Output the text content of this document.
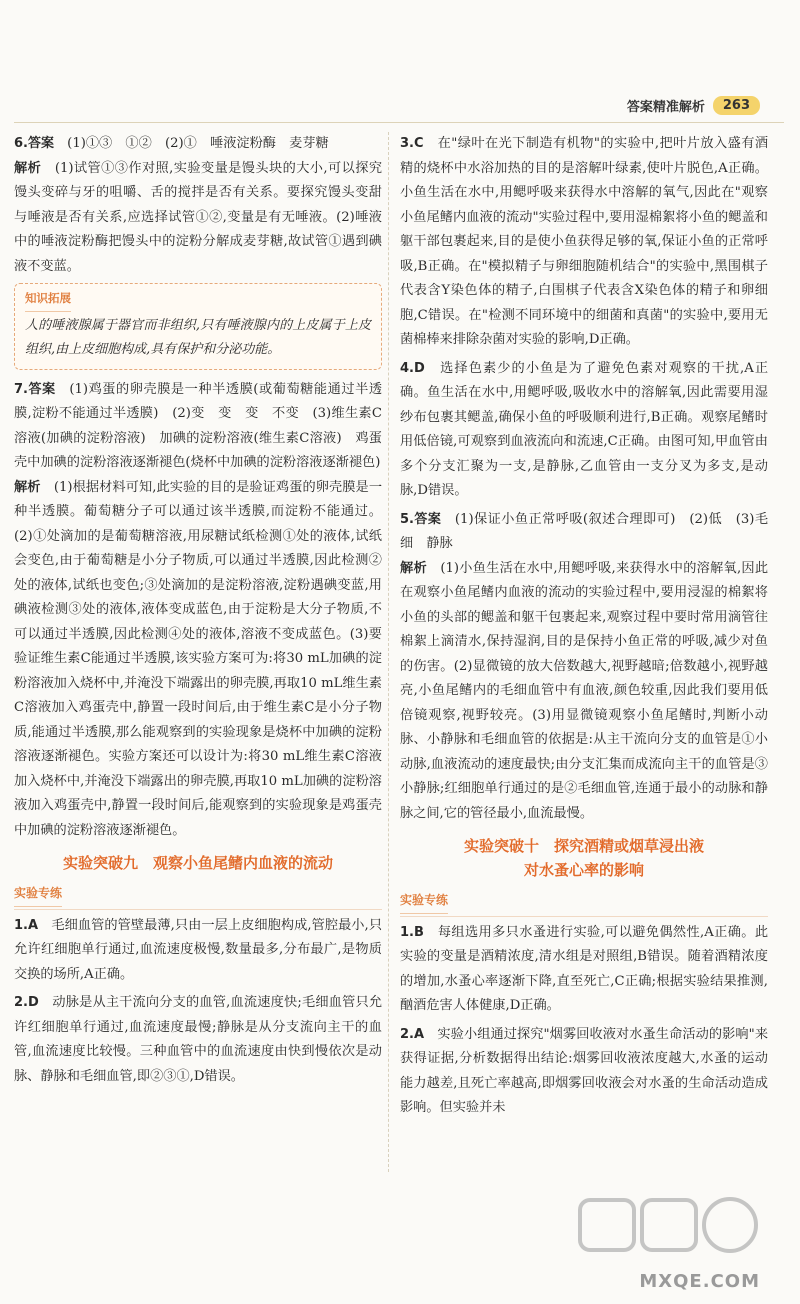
答案精准解析	263

6.答案　 (1)①③　①②　(2)①　唾液淀粉酶　麦芽糖

解析　 (1)试管①③作对照,实验变量是馒头块的大小,可以探究馒头变碎与牙的咀嚼、舌的搅拌是否有关系。要探究馒头变甜与唾液是否有关系,应选择试管①②,变量是有无唾液。(2)唾液中的唾液淀粉酶把馒头中的淀粉分解成麦芽糖,故试管①遇到碘液不变蓝。

知识拓展

人的唾液腺属于器官而非组织,只有唾液腺内的上皮属于上皮组织,由上皮细胞构成,具有保护和分泌功能。

7.答案　 (1)鸡蛋的卵壳膜是一种半透膜(或葡萄糖能通过半透膜,淀粉不能通过半透膜)　(2)变　变　变　不变　(3)维生素C溶液(加碘的淀粉溶液)　加碘的淀粉溶液(维生素C溶液)　鸡蛋壳中加碘的淀粉溶液逐渐褪色(烧杯中加碘的淀粉溶液逐渐褪色)

解析　 (1)根据材料可知,此实验的目的是验证鸡蛋的卵壳膜是一种半透膜。葡萄糖分子可以通过该半透膜,而淀粉不能通过。(2)①处滴加的是葡萄糖溶液,用尿糖试纸检测①处的液体,试纸会变色,由于葡萄糖是小分子物质,可以通过半透膜,因此检测②处的液体,试纸也变色;③处滴加的是淀粉溶液,淀粉遇碘变蓝,用碘液检测③处的液体,液体变成蓝色,由于淀粉是大分子物质,不可以通过半透膜,因此检测④处的液体,溶液不变成蓝色。(3)要验证维生素C能通过半透膜,该实验方案可为:将30 mL加碘的淀粉溶液加入烧杯中,并淹没下端露出的卵壳膜,再取10 mL维生素C溶液加入鸡蛋壳中,静置一段时间后,由于维生素C是小分子物质,能通过半透膜,那么能观察到的实验现象是烧杯中加碘的淀粉溶液逐渐褪色。实验方案还可以设计为:将30 mL维生素C溶液加入烧杯中,并淹没下端露出的卵壳膜,再取10 mL加碘的淀粉溶液加入鸡蛋壳中,静置一段时间后,能观察到的实验现象是鸡蛋壳中加碘的淀粉溶液逐渐褪色。

实验突破九　观察小鱼尾鳍内血液的流动
实验专练

1.A　 毛细血管的管壁最薄,只由一层上皮细胞构成,管腔最小,只允许红细胞单行通过,血流速度极慢,数量最多,分布最广,是物质交换的场所,A正确。

2.D　 动脉是从主干流向分支的血管,血流速度快;毛细血管只允许红细胞单行通过,血流速度最慢;静脉是从分支流向主干的血管,血流速度比较慢。三种血管中的血流速度由快到慢依次是动脉、静脉和毛细血管,即②③①,D错误。

3.C　 在"绿叶在光下制造有机物"的实验中,把叶片放入盛有酒精的烧杯中水浴加热的目的是溶解叶绿素,使叶片脱色,A正确。小鱼生活在水中,用鳃呼吸来获得水中溶解的氧气,因此在"观察小鱼尾鳍内血液的流动"实验过程中,要用湿棉絮将小鱼的鳃盖和躯干部包裹起来,目的是使小鱼获得足够的氧,保证小鱼的正常呼吸,B正确。在"模拟精子与卵细胞随机结合"的实验中,黑围棋子代表含Y染色体的精子,白围棋子代表含X染色体的精子和卵细胞,C错误。在"检测不同环境中的细菌和真菌"的实验中,要用无菌棉棒来排除杂菌对实验的影响,D正确。

4.D　 选择色素少的小鱼是为了避免色素对观察的干扰,A正确。鱼生活在水中,用鳃呼吸,吸收水中的溶解氧,因此需要用湿纱布包裹其鳃盖,确保小鱼的呼吸顺利进行,B正确。观察尾鳍时用低倍镜,可观察到血液流向和流速,C正确。由图可知,甲血管由多个分支汇聚为一支,是静脉,乙血管由一支分叉为多支,是动脉,D错误。

5.答案　 (1)保证小鱼正常呼吸(叙述合理即可)　(2)低　(3)毛细　静脉

解析　 (1)小鱼生活在水中,用鳃呼吸,来获得水中的溶解氧,因此在观察小鱼尾鳍内血液的流动的实验过程中,要用浸湿的棉絮将小鱼的头部的鳃盖和躯干包裹起来,观察过程中要时常用滴管往棉絮上滴清水,保持湿润,目的是保持小鱼正常的呼吸,减少对鱼的伤害。(2)显微镜的放大倍数越大,视野越暗;倍数越小,视野越亮,小鱼尾鳍内的毛细血管中有血液,颜色较重,因此我们要用低倍镜观察,视野较亮。(3)用显微镜观察小鱼尾鳍时,判断小动脉、小静脉和毛细血管的依据是:从主干流向分支的血管是①小动脉,血液流动的速度最快;由分支汇集而成流向主干的血管是③小静脉;红细胞单行通过的是②毛细血管,连通于最小的动脉和静脉之间,它的管径最小,血流最慢。

实验突破十　探究酒精或烟草浸出液
对水蚤心率的影响
实验专练

1.B　 每组选用多只水蚤进行实验,可以避免偶然性,A正确。此实验的变量是酒精浓度,清水组是对照组,B错误。随着酒精浓度的增加,水蚤心率逐渐下降,直至死亡,C正确;根据实验结果推测,酗酒危害人体健康,D正确。

2.A　 实验小组通过探究"烟雾回收液对水蚤生命活动的影响"来获得证据,分析数据得出结论:烟雾回收液浓度越大,水蚤的运动能力越差,且死亡率越高,即烟雾回收液会对水蚤的生命活动造成影响。但实验并未

MXQE.COM
